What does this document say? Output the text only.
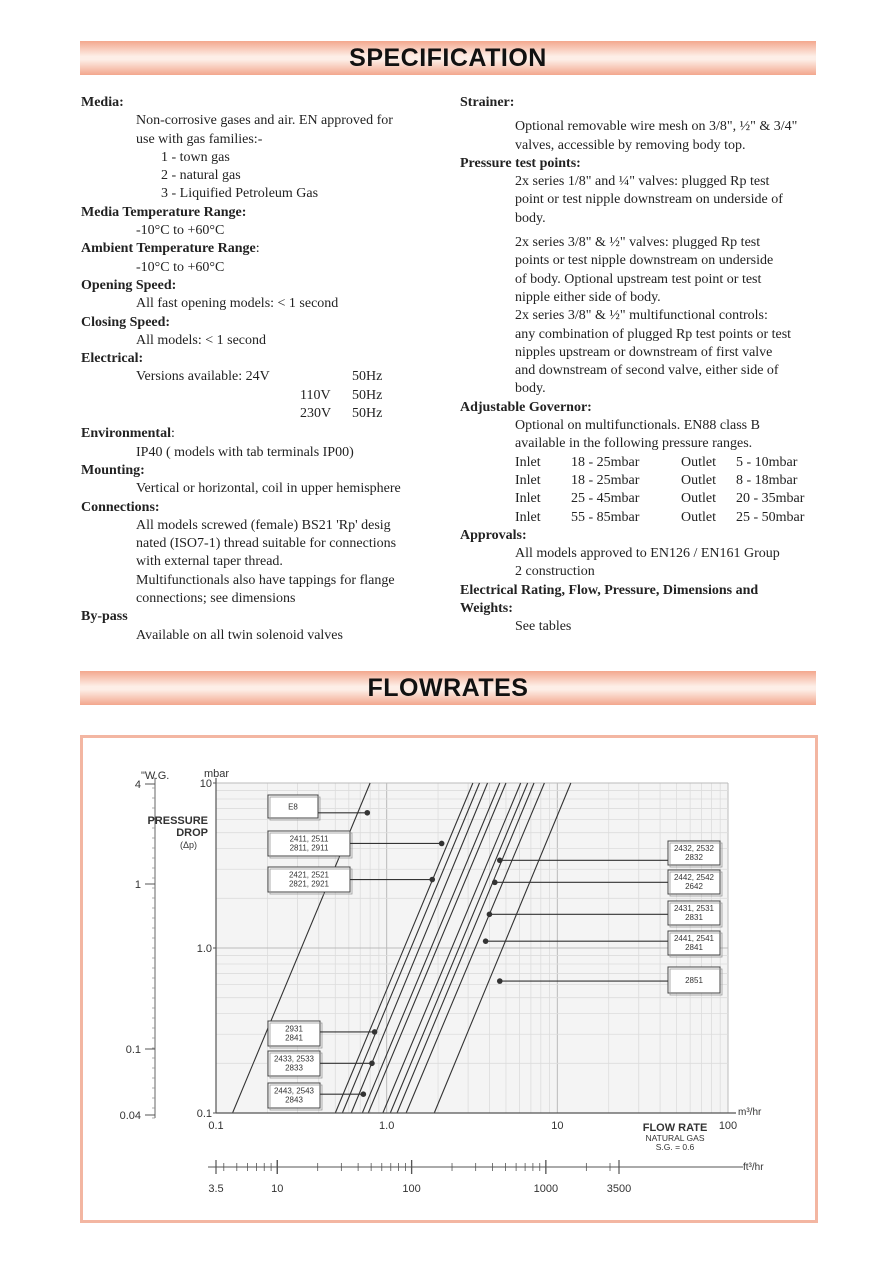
SPECIFICATION

Media:

Non-corrosive gases and air. EN approved for

use with gas families:-

1 - town gas

2 - natural gas

3 - Liquified Petroleum Gas

Media Temperature Range:

-10°C to +60°C

Ambient Temperature Range:

-10°C to +60°C

Opening Speed:

All fast opening models: < 1 second

Closing Speed:

All models: < 1 second

Electrical:

Versions available: 24V	50Hz
110V	50Hz
230V	50Hz

Environmental:

IP40 ( models with tab terminals IP00)

Mounting:

Vertical or horizontal, coil in upper hemisphere

Connections:

All models screwed (female) BS21 'Rp' desig

nated (ISO7-1) thread suitable for connections

with external taper thread.

Multifunctionals also have tappings for flange

connections; see dimensions

By-pass

Available on all twin solenoid valves

Strainer:

Optional removable wire mesh on 3/8", ½" & 3/4"

valves, accessible by removing body top.

Pressure test points:

2x series 1/8" and ¼" valves: plugged Rp test

point or test nipple downstream on underside of

body.

2x series 3/8" & ½" valves: plugged Rp test

points or test nipple downstream on underside

of body. Optional upstream test point or test

nipple either side of body.

2x series 3/8" & ½" multifunctional controls:

any combination of plugged Rp test points or test

nipples upstream or downstream of first valve

and downstream of second valve, either side of

body.

Adjustable Governor:

Optional on multifunctionals. EN88 class B

available in the following pressure ranges.

Inlet	18 - 25mbar	Outlet	5 - 10mbar
Inlet	18 - 25mbar	Outlet	8 - 18mbar
Inlet	25 - 45mbar	Outlet	20 - 35mbar
Inlet	55 - 85mbar	Outlet	25 - 50mbar

Approvals:

All models approved to EN126 / EN161 Group

2 construction

Electrical Rating, Flow, Pressure, Dimensions and

Weights:

See tables

FLOWRATES
0.1	1.0	10	100
0.1
1.0
10
mbar
4
1
0.1
0.04
"W.G.
PRESSURE
DROP
(Δp)
m³/hr
FLOW RATE
NATURAL GAS
S.G. = 0.6
3.5	10	100	1000	3500
ft³/hr
E8
2411, 2511
2811, 2911
2421, 2521
2821, 2921
2931
2841
2433, 2533
2833
2443, 2543
2843
2432, 2532
2832
2442, 2542
2642
2431, 2531
2831
2441, 2541
2841
2851
